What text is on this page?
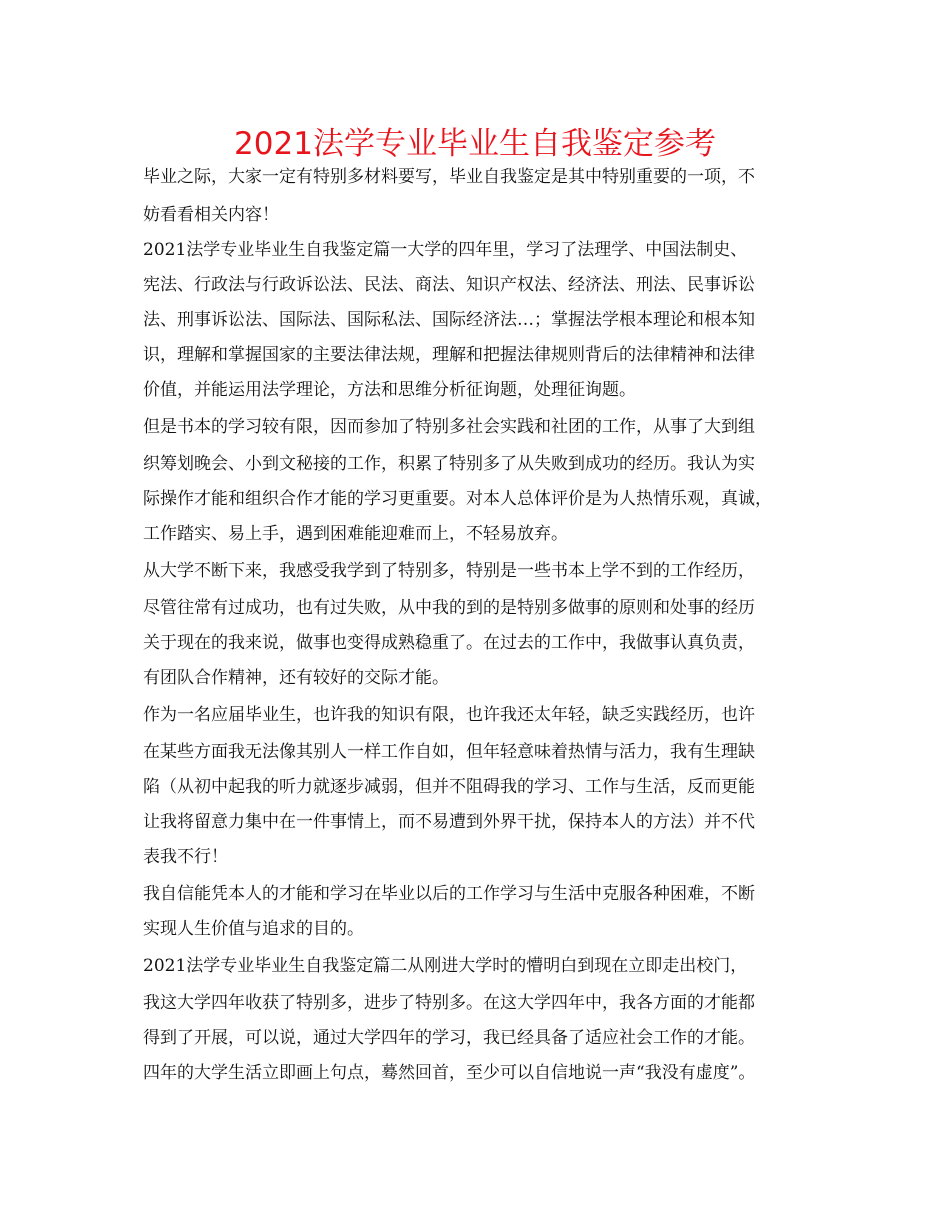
2021法学专业毕业生自我鉴定参考

毕业之际，大家一定有特别多材料要写，毕业自我鉴定是其中特别重要的一项，不

妨看看相关内容！

2021法学专业毕业生自我鉴定篇一大学的四年里，学习了法理学、中国法制史、

宪法、行政法与行政诉讼法、民法、商法、知识产权法、经济法、刑法、民事诉讼

法、刑事诉讼法、国际法、国际私法、国际经济法…；掌握法学根本理论和根本知

识，理解和掌握国家的主要法律法规，理解和把握法律规则背后的法律精神和法律

价值，并能运用法学理论，方法和思维分析征询题，处理征询题。

但是书本的学习较有限，因而参加了特别多社会实践和社团的工作，从事了大到组

织筹划晚会、小到文秘接的工作，积累了特别多了从失败到成功的经历。我认为实

际操作才能和组织合作才能的学习更重要。对本人总体评价是为人热情乐观，真诚，

工作踏实、易上手，遇到困难能迎难而上，不轻易放弃。

从大学不断下来，我感受我学到了特别多，特别是一些书本上学不到的工作经历，

尽管往常有过成功，也有过失败，从中我的到的是特别多做事的原则和处事的经历

关于现在的我来说，做事也变得成熟稳重了。在过去的工作中，我做事认真负责，

有团队合作精神，还有较好的交际才能。

作为一名应届毕业生，也许我的知识有限，也许我还太年轻，缺乏实践经历，也许

在某些方面我无法像其别人一样工作自如，但年轻意味着热情与活力，我有生理缺

陷（从初中起我的听力就逐步减弱，但并不阻碍我的学习、工作与生活，反而更能

让我将留意力集中在一件事情上，而不易遭到外界干扰，保持本人的方法）并不代

表我不行！

我自信能凭本人的才能和学习在毕业以后的工作学习与生活中克服各种困难，不断

实现人生价值与追求的目的。

2021法学专业毕业生自我鉴定篇二从刚进大学时的懵明白到现在立即走出校门，

我这大学四年收获了特别多，进步了特别多。在这大学四年中，我各方面的才能都

得到了开展，可以说，通过大学四年的学习，我已经具备了适应社会工作的才能。

四年的大学生活立即画上句点，蓦然回首，至少可以自信地说一声“我没有虚度”。
